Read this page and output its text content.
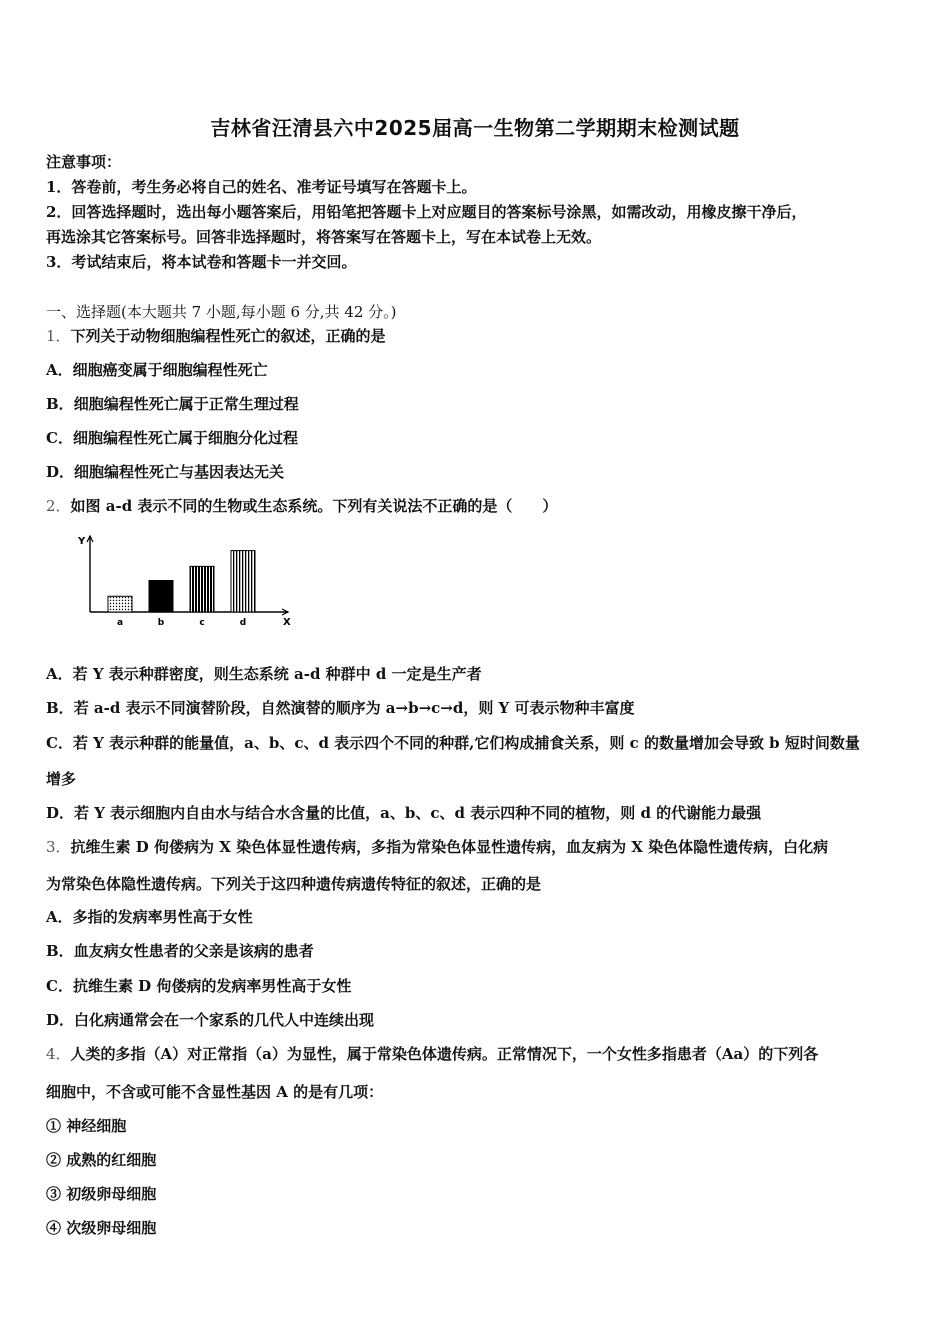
吉林省汪清县六中2025届高一生物第二学期期末检测试题
注意事项：
1．答卷前，考生务必将自己的姓名、准考证号填写在答题卡上。
2．回答选择题时，选出每小题答案后，用铅笔把答题卡上对应题目的答案标号涂黑，如需改动，用橡皮擦干净后，
再选涂其它答案标号。回答非选择题时，将答案写在答题卡上，写在本试卷上无效。
3．考试结束后，将本试卷和答题卡一并交回。
一、选择题(本大题共 7 小题,每小题 6 分,共 42 分。)
1．下列关于动物细胞编程性死亡的叙述，正确的是
A．细胞癌变属于细胞编程性死亡
B．细胞编程性死亡属于正常生理过程
C．细胞编程性死亡属于细胞分化过程
D．细胞编程性死亡与基因表达无关
2．如图 a-d 表示不同的生物或生态系统。下列有关说法不正确的是（　　）
Y
X
a	b	c	d
A．若 Y 表示种群密度，则生态系统 a-d 种群中 d 一定是生产者
B．若 a-d 表示不同演替阶段，自然演替的顺序为 a→b→c→d，则 Y 可表示物种丰富度
C．若 Y 表示种群的能量值，a、b、c、d 表示四个不同的种群,它们构成捕食关系，则 c 的数量增加会导致 b 短时间数量
增多
D．若 Y 表示细胞内自由水与结合水含量的比值，a、b、c、d 表示四种不同的植物，则 d 的代谢能力最强
3．抗维生素 D 佝偻病为 X 染色体显性遗传病，多指为常染色体显性遗传病，血友病为 X 染色体隐性遗传病，白化病
为常染色体隐性遗传病。下列关于这四种遗传病遗传特征的叙述，正确的是
A．多指的发病率男性高于女性
B．血友病女性患者的父亲是该病的患者
C．抗维生素 D 佝偻病的发病率男性高于女性
D．白化病通常会在一个家系的几代人中连续出现
4．人类的多指（A）对正常指（a）为显性，属于常染色体遗传病。正常情况下，一个女性多指患者（Aa）的下列各
细胞中，不含或可能不含显性基因 A 的是有几项：
① 神经细胞
② 成熟的红细胞
③ 初级卵母细胞
④ 次级卵母细胞
